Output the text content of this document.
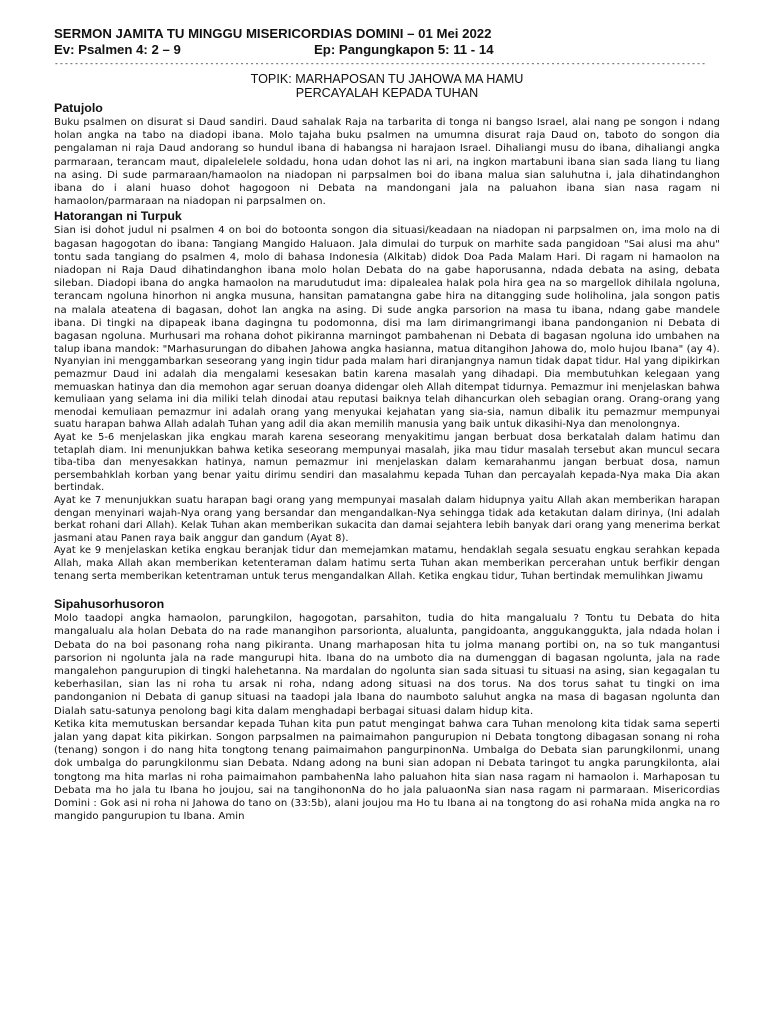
SERMON JAMITA TU MINGGU MISERICORDIAS DOMINI – 01 Mei 2022
Ev: Psalmen 4: 2 – 9	Ep: Pangungkapon 5: 11 - 14
----------------------------------------------------------------------------------------------------------------------------------
TOPIK: MARHAPOSAN TU JAHOWA MA HAMU
PERCAYALAH KEPADA TUHAN
Patujolo

Buku psalmen on disurat si Daud sandiri. Daud sahalak Raja na tarbarita di tonga ni bangso Israel, alai nang pe songon i ndang holan angka na tabo na diadopi ibana. Molo tajaha buku psalmen na umumna disurat raja Daud on, taboto do songon dia pengalaman ni raja Daud andorang so hundul ibana di habangsa ni harajaon Israel. Dihaliangi musu do ibana, dihaliangi angka parmaraan, terancam maut, dipalelelele soldadu, hona udan dohot las ni ari, na ingkon martabuni ibana sian sada liang tu liang na asing. Di sude parmaraan/hamaolon na niadopan ni parpsalmen boi do ibana malua sian saluhutna i, jala dihatindanghon ibana do i alani huaso dohot hagogoon ni Debata na mandongani jala na paluahon ibana sian nasa ragam ni hamaolon/parmaraan na niadopan ni parpsalmen on.

Hatorangan ni Turpuk

Sian isi dohot judul ni psalmen 4 on boi do botoonta songon dia situasi/keadaan na niadopan ni parpsalmen on, ima molo na di bagasan hagogotan do ibana: Tangiang Mangido Haluaon. Jala dimulai do turpuk on marhite sada pangidoan "Sai alusi ma ahu" tontu sada tangiang do psalmen 4, molo di bahasa Indonesia (Alkitab) didok Doa Pada Malam Hari. Di ragam ni hamaolon na niadopan ni Raja Daud dihatindanghon ibana molo holan Debata do na gabe haporusanna, ndada debata na asing, debata sileban. Diadopi ibana do angka hamaolon na marudutudut ima: dipalealea halak pola hira gea na so margellok dihilala ngoluna, terancam ngoluna hinorhon ni angka musuna, hansitan pamatangna gabe hira na ditangging sude holiholina, jala songon patis na malala ateatena di bagasan, dohot lan angka na asing. Di sude angka parsorion na masa tu ibana, ndang gabe mandele ibana. Di tingki na dipapeak ibana dagingna tu podomonna, disi ma lam dirimangrimangi ibana pandonganion ni Debata di bagasan ngoluna. Murhusari ma rohana dohot pikiranna marningot pambahenan ni Debata di bagasan ngoluna ido umbahen na talup ibana mandok: "Marhasurungan do dibahen Jahowa angka hasianna, matua ditangihon Jahowa do, molo hujou Ibana" (ay 4).

Nyanyian ini menggambarkan seseorang yang ingin tidur pada malam hari diranjangnya namun tidak dapat tidur. Hal yang dipikirkan pemazmur Daud ini adalah dia mengalami kesesakan batin karena masalah yang dihadapi. Dia membutuhkan kelegaan yang memuaskan hatinya dan dia memohon agar seruan doanya didengar oleh Allah ditempat tidurnya. Pemazmur ini menjelaskan bahwa kemuliaan yang selama ini dia miliki telah dinodai atau reputasi baiknya telah dihancurkan oleh sebagian orang. Orang-orang yang menodai kemuliaan pemazmur ini adalah orang yang menyukai kejahatan yang sia-sia, namun dibalik itu pemazmur mempunyai suatu harapan bahwa Allah adalah Tuhan yang adil dia akan memilih manusia yang baik untuk dikasihi-Nya dan menolongnya.

Ayat ke 5-6 menjelaskan jika engkau marah karena seseorang menyakitimu jangan berbuat dosa berkatalah dalam hatimu dan tetaplah diam. Ini menunjukkan bahwa ketika seseorang mempunyai masalah, jika mau tidur masalah tersebut akan muncul secara tiba-tiba dan menyesakkan hatinya, namun pemazmur ini menjelaskan dalam kemarahanmu jangan berbuat dosa, namun persembahklah korban yang benar yaitu dirimu sendiri dan masalahmu kepada Tuhan dan percayalah kepada-Nya maka Dia akan bertindak.

Ayat ke 7 menunjukkan suatu harapan bagi orang yang mempunyai masalah dalam hidupnya yaitu Allah akan memberikan harapan dengan menyinari wajah-Nya orang yang bersandar dan mengandalkan-Nya sehingga tidak ada ketakutan dalam dirinya, (Ini adalah berkat rohani dari Allah). Kelak Tuhan akan memberikan sukacita dan damai sejahtera lebih banyak dari orang yang menerima berkat jasmani atau Panen raya baik anggur dan gandum (Ayat 8).

Ayat ke 9 menjelaskan ketika engkau beranjak tidur dan memejamkan matamu, hendaklah segala sesuatu engkau serahkan kepada Allah, maka Allah akan memberikan ketenteraman dalam hatimu serta Tuhan akan memberikan percerahan untuk berfikir dengan tenang serta memberikan ketentraman untuk terus mengandalkan Allah. Ketika engkau tidur, Tuhan bertindak memulihkan Jiwamu

Sipahusorhusoron

Molo taadopi angka hamaolon, parungkilon, hagogotan, parsahiton, tudia do hita mangalualu ? Tontu tu Debata do hita mangalualu ala holan Debata do na rade manangihon parsorionta, alualunta, pangidoanta, anggukanggukta, jala ndada holan i Debata do na boi pasonang roha nang pikiranta. Unang marhaposan hita tu jolma manang portibi on, na so tuk mangantusi parsorion ni ngolunta jala na rade mangurupi hita. Ibana do na umboto dia na dumenggan di bagasan ngolunta, jala na rade mangalehon pangurupion di tingki halehetanna. Na mardalan do ngolunta sian sada situasi tu situasi na asing, sian kegagalan tu keberhasilan, sian las ni roha tu arsak ni roha, ndang adong situasi na dos torus. Na dos torus sahat tu tingki on ima pandonganion ni Debata di ganup situasi na taadopi jala Ibana do naumboto saluhut angka na masa di bagasan ngolunta dan Dialah satu-satunya penolong bagi kita dalam menghadapi berbagai situasi dalam hidup kita.

Ketika kita memutuskan bersandar kepada Tuhan kita pun patut mengingat bahwa cara Tuhan menolong kita tidak sama seperti jalan yang dapat kita pikirkan. Songon parpsalmen na paimaimahon pangurupion ni Debata tongtong dibagasan sonang ni roha (tenang) songon i do nang hita tongtong tenang paimaimahon pangurpinonNa. Umbalga do Debata sian parungkilonmi, unang dok umbalga do parungkilonmu sian Debata. Ndang adong na buni sian adopan ni Debata taringot tu angka parungkilonta, alai tongtong ma hita marlas ni roha paimaimahon pambahenNa laho paluahon hita sian nasa ragam ni hamaolon i. Marhaposan tu Debata ma ho jala tu Ibana ho joujou, sai na tangihononNa do ho jala paluaonNa sian nasa ragam ni parmaraan. Misericordias Domini : Gok asi ni roha ni Jahowa do tano on (33:5b), alani joujou ma Ho tu Ibana ai na tongtong do asi rohaNa mida angka na ro mangido pangurupion tu Ibana. Amin
